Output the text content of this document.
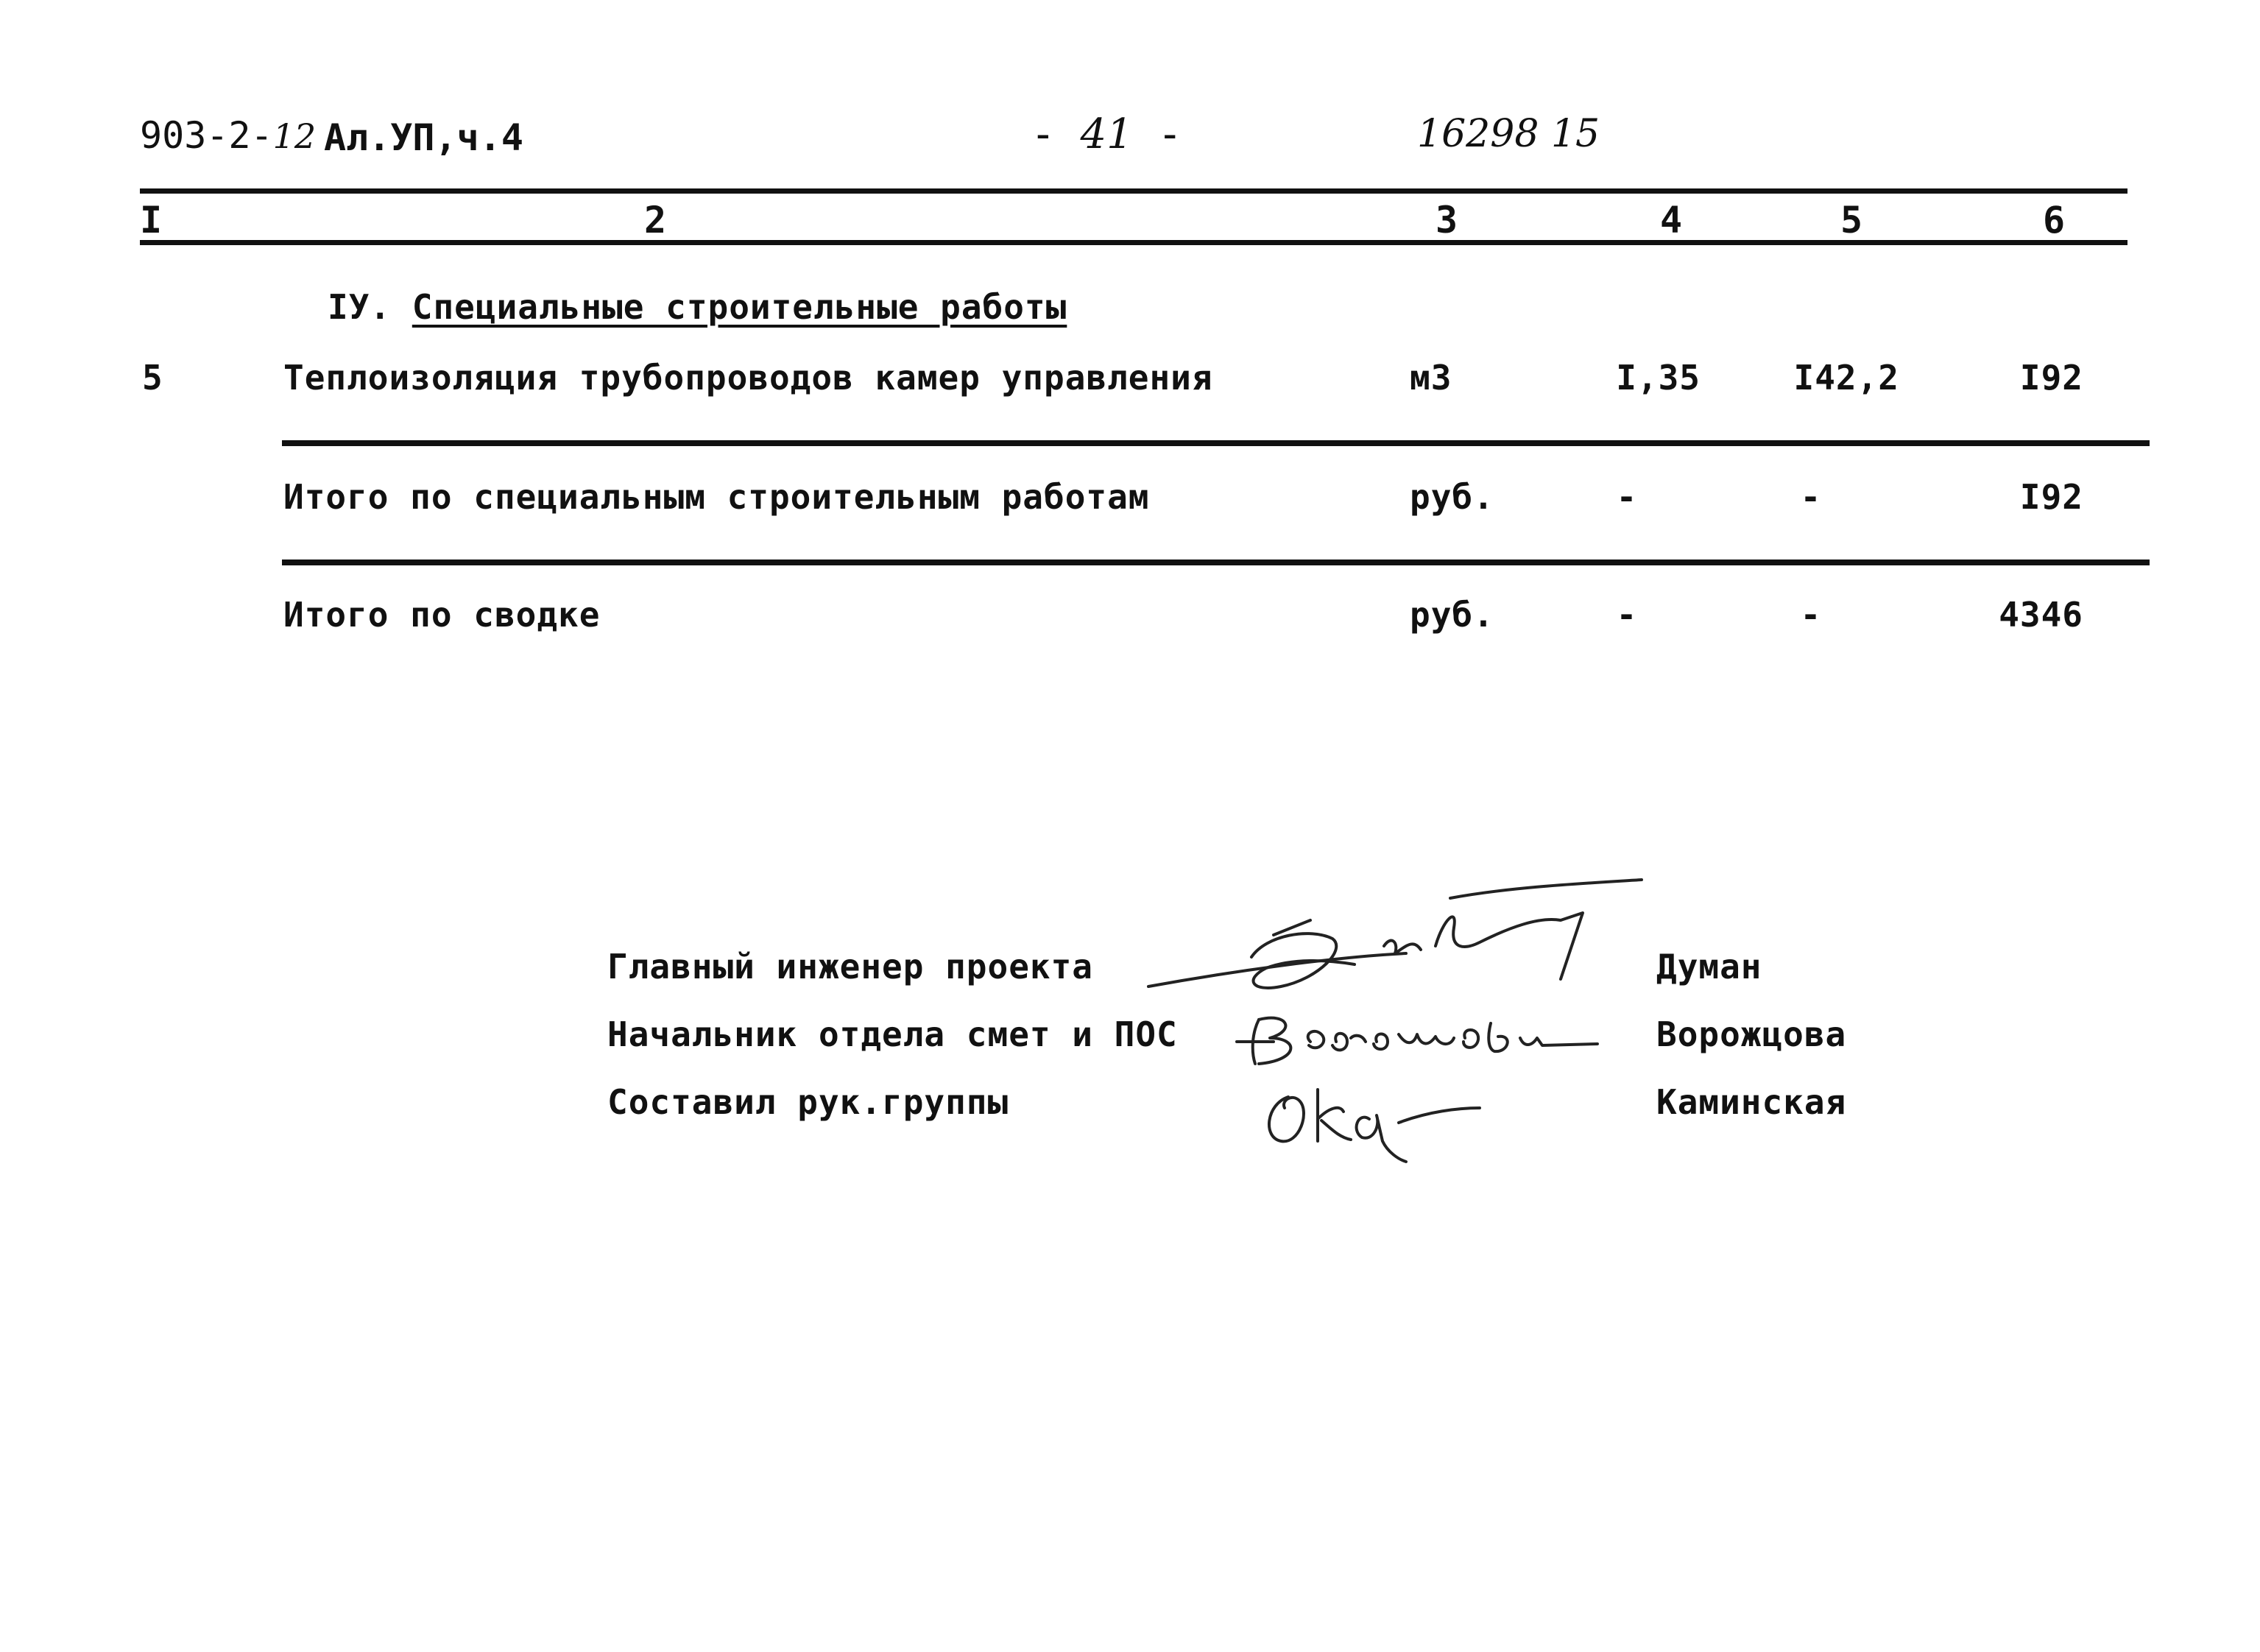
903-2-12 Ал.УП,ч.4	- 41 -	16298 15
I	2	3	4	5	6
IУ. Специальные строительные работы
5	Теплоизоляция трубопроводов камер управления	м3	I,35	I42,2	I92
Итого по специальным строительным работам	руб.	-	-	I92
Итого по сводке	руб.	-	-	4346
Главный инженер проекта	Думан
Начальник отдела смет и ПОС	Ворожцова
Составил рук.группы	Каминская
